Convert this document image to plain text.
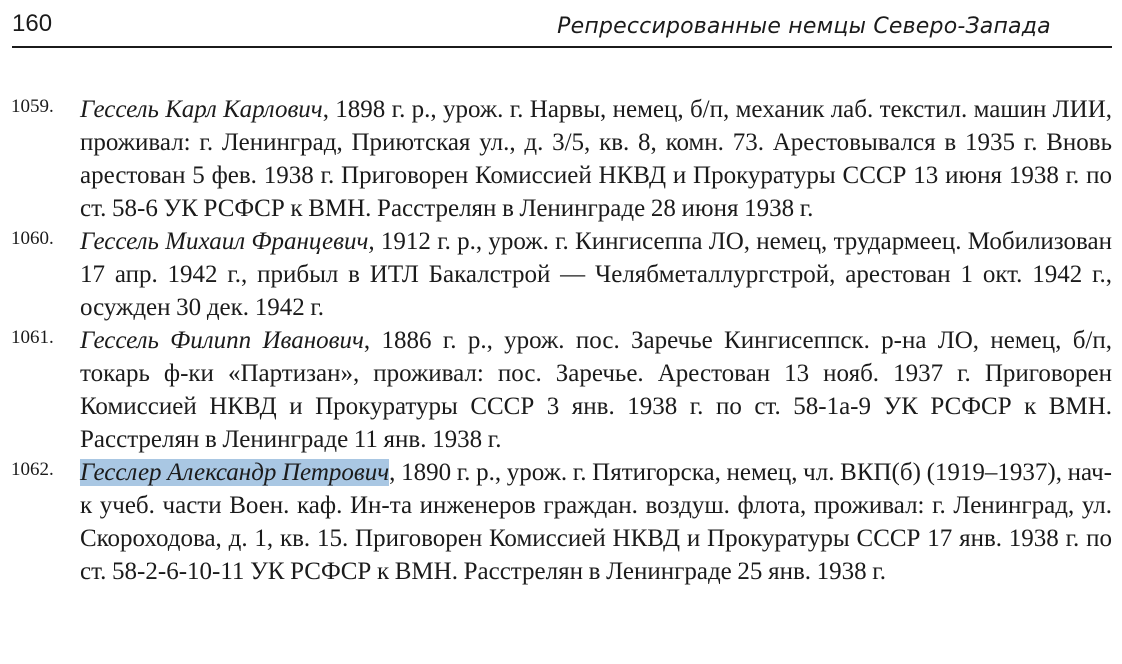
160	Репрессированные немцы Северо-Запада
1059. Гессель Карл Карлович, 1898 г. р., урож. г. Нарвы, немец, б/п, механик лаб. текстил. машин ЛИИ, проживал: г. Ленинград, Приютская ул., д. 3/5, кв. 8, комн. 73. Арестовывался в 1935 г. Вновь арестован 5 фев. 1938 г. Приговорен Комиссией НКВД и Прокуратуры СССР 13 июня 1938 г. по ст. 58-6 УК РСФСР к ВМН. Расстрелян в Ленинграде 28 июня 1938 г.
1060. Гессель Михаил Францевич, 1912 г. р., урож. г. Кингисеппа ЛО, немец, трудармеец. Мобилизован 17 апр. 1942 г., прибыл в ИТЛ Бакалстрой — Челябметаллургстрой, арестован 1 окт. 1942 г., осужден 30 дек. 1942 г.
1061. Гессель Филипп Иванович, 1886 г. р., урож. пос. Заречье Кингисеппск. р-на ЛО, немец, б/п, токарь ф-ки «Партизан», проживал: пос. Заречье. Арестован 13 нояб. 1937 г. Приговорен Комиссией НКВД и Прокуратуры СССР 3 янв. 1938 г. по ст. 58-1а-9 УК РСФСР к ВМН. Расстрелян в Ленинграде 11 янв. 1938 г.
1062. Гесслер Александр Петрович, 1890 г. р., урож. г. Пятигорска, немец, чл. ВКП(б) (1919–1937), нач-к учеб. части Воен. каф. Ин-та инженеров граждан. воздуш. флота, проживал: г. Ленинград, ул. Скороходова, д. 1, кв. 15. Приговорен Комиссией НКВД и Прокуратуры СССР 17 янв. 1938 г. по ст. 58-2-6-10-11 УК РСФСР к ВМН. Расстрелян в Ленинграде 25 янв. 1938 г.
